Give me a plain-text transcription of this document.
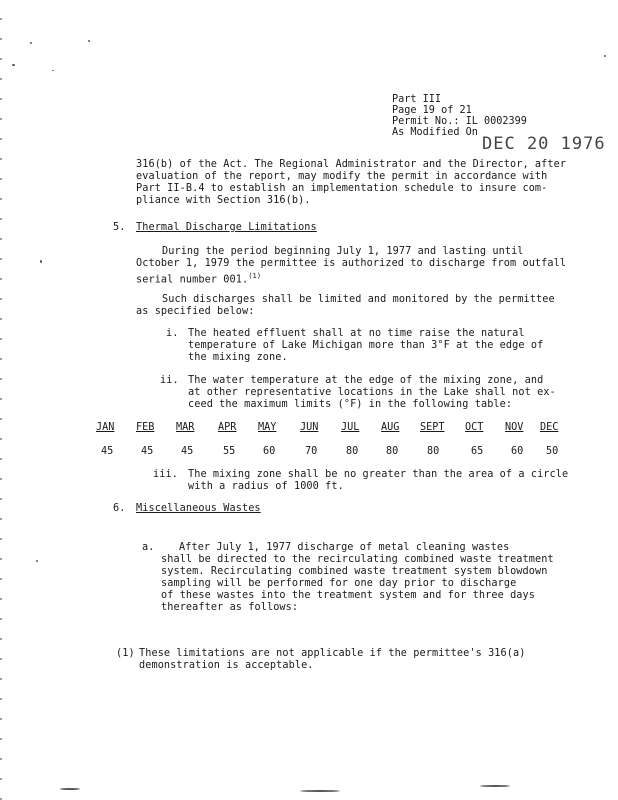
Part III
Page 19 of 21
Permit No.: IL 0002399
As Modified On
DEC 20 1976
316(b) of the Act. The Regional Administrator and the Director, after
evaluation of the report, may modify the permit in accordance with
Part II-B.4 to establish an implementation schedule to insure com-
pliance with Section 316(b).
5. Thermal Discharge Limitations
During the period beginning July 1, 1977 and lasting until
October 1, 1979 the permittee is authorized to discharge from outfall
serial number 001.$^{(1)}$
Such discharges shall be limited and monitored by the permittee
as specified below:
i. The heated effluent shall at no time raise the natural
temperature of Lake Michigan more than 3°F at the edge of
the mixing zone.
ii. The water temperature at the edge of the mixing zone, and
at other representative locations in the Lake shall not ex-
ceed the maximum limits (°F) in the following table:
JAN FEB MAR APR MAY JUN JUL AUG SEPT OCT NOV DEC
45	45	45	55	60	70	80	80	80	65	60 50
iii. The mixing zone shall be no greater than the area of a circle
with a radius of 1000 ft.
6. Miscellaneous Wastes
a. After July 1, 1977 discharge of metal cleaning wastes
shall be directed to the recirculating combined waste treatment
system. Recirculating combined waste treatment system blowdown
sampling will be performed for one day prior to discharge
of these wastes into the treatment system and for three days
thereafter as follows:
(1) These limitations are not applicable if the permittee's 316(a)
demonstration is acceptable.
